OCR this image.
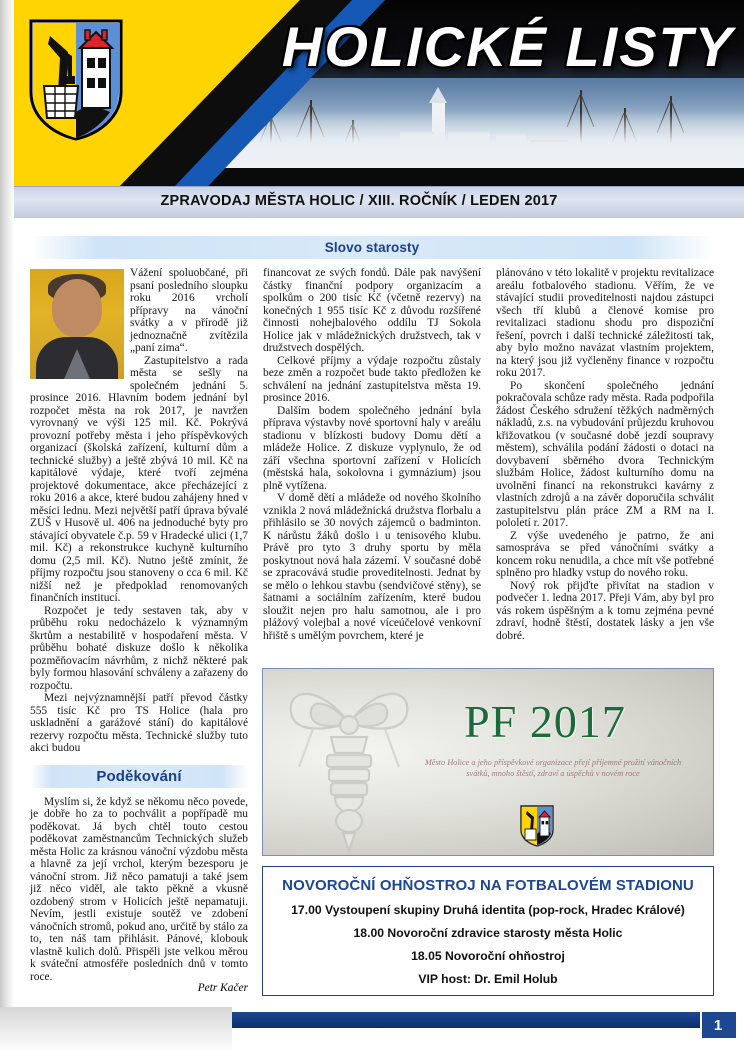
HOLICKÉ LISTY
ZPRAVODAJ MĚSTA HOLIC / XIII. ROČNÍK / LEDEN 2017
Slovo starosty

Vážení spoluobčané, při psaní posledního sloupku roku 2016 vrcholí přípravy na vánoční svátky a v přírodě již jednoznačně zvítězila „paní zima“.

Zastupitelstvo a rada města se sešly na společném jednání 5. prosince 2016. Hlavním bodem jednání byl rozpočet města na rok 2017, je navržen vyrovnaný ve výši 125 mil. Kč. Pokrývá provozní potřeby města i jeho příspěvkových organizací (školská zařízení, kulturní dům a technické služby) a ještě zbývá 10 mil. Kč na kapitálové výdaje, které tvoří zejména projektové dokumentace, akce přecházející z roku 2016 a akce, které budou zahájeny hned v měsíci lednu. Mezi největší patří úprava bývalé ZUŠ v Husově ul. 406 na jednoduché byty pro stávající obyvatele č.p. 59 v Hradecké ulici (1,7 mil. Kč) a rekonstrukce kuchyně kulturního domu (2,5 mil. Kč). Nutno ještě zmínit, že příjmy rozpočtu jsou stanoveny o cca 6 mil. Kč nižší než je předpoklad renomovaných finančních institucí.

Rozpočet je tedy sestaven tak, aby v průběhu roku nedocházelo k významným škrtům a nestabilitě v hospodaření města. V průběhu bohaté diskuze došlo k několika pozměňovacím návrhům, z nichž některé pak byly formou hlasování schváleny a zařazeny do rozpočtu.

Mezi nejvýznamnější patří převod částky 555 tisíc Kč pro TS Holice (hala pro uskladnění a garážové stání) do kapitálové rezervy rozpočtu města. Technické služby tuto akci budou

Poděkování

Myslím si, že když se někomu něco povede, je dobře ho za to pochválit a popřípadě mu poděkovat. Já bych chtěl touto cestou poděkovat zaměstnancům Technických služeb města Holic za krásnou vánoční výzdobu města a hlavně za její vrchol, kterým bezesporu je vánoční strom. Již něco pamatuji a také jsem již něco viděl, ale takto pěkně a vkusně ozdobený strom v Holicích ještě nepamatuji. Nevím, jestli existuje soutěž ve zdobení vánočních stromů, pokud ano, určitě by stálo za to, ten náš tam přihlásit. Pánové, klobouk vlastně kulich dolů. Přispěli jste velkou měrou k sváteční atmosféře posledních dnů v tomto roce.

Petr Kačer

financovat ze svých fondů. Dále pak navýšení částky finanční podpory organizacím a spolkům o 200 tisíc Kč (včetně rezervy) na konečných 1 955 tisíc Kč z důvodu rozšířené činnosti nohejbalového oddílu TJ Sokola Holice jak v mládežnických družstvech, tak v družstvech dospělých.

Celkové příjmy a výdaje rozpočtu zůstaly beze změn a rozpočet bude takto předložen ke schválení na jednání zastupitelstva města 19. prosince 2016.

Dalším bodem společného jednání byla příprava výstavby nové sportovní haly v areálu stadionu v blízkosti budovy Domu dětí a mládeže Holice. Z diskuze vyplynulo, že od září všechna sportovní zařízení v Holicích (městská hala, sokolovna i gymnázium) jsou plně vytížena.

V domě dětí a mládeže od nového školního vznikla 2 nová mládežnická družstva florbalu a přihlásilo se 30 nových zájemců o badminton. K nárůstu žáků došlo i u tenisového klubu. Právě pro tyto 3 druhy sportu by měla poskytnout nová hala zázemí. V současné době se zpracovává studie proveditelnosti. Jednat by se mělo o lehkou stavbu (sendvičové stěny), se šatnami a sociálním zařízením, které budou sloužit nejen pro halu samotnou, ale i pro plážový volejbal a nové víceúčelové venkovní hřiště s umělým povrchem, které je

plánováno v této lokalitě v projektu revitalizace areálu fotbalového stadionu. Věřím, že ve stávající studii proveditelnosti najdou zástupci všech tří klubů a členové komise pro revitalizaci stadionu shodu pro dispoziční řešení, povrch i další technické záležitosti tak, aby bylo možno navázat vlastním projektem, na který jsou již vyčleněny finance v rozpočtu roku 2017.

Po skončení společného jednání pokračovala schůze rady města. Rada podpořila žádost Českého sdružení těžkých nadměrných nákladů, z.s. na vybudování průjezdu kruhovou křižovatkou (v současné době jezdí soupravy městem), schválila podání žádosti o dotaci na dovybavení sběrného dvora Technickým službám Holice, žádost kulturního domu na uvolnění financí na rekonstrukci kavárny z vlastních zdrojů a na závěr doporučila schválit zastupitelstvu plán práce ZM a RM na I. pololetí r. 2017.

Z výše uvedeného je patrno, že ani samospráva se před vánočními svátky a koncem roku nenudila, a chce mít vše potřebné splněno pro hladky vstup do nového roku.

Nový rok přijďte přivítat na stadion v podvečer 1. ledna 2017. Přeji Vám, aby byl pro vás rokem úspěšným a k tomu zejména pevné zdraví, hodně štěstí, dostatek lásky a jen vše dobré.

PF 2017
Město Holice a jeho příspěvkové organizace přejí příjemné prožití vánočních svátků, mnoho štěstí, zdraví a úspěchů v novém roce
NOVOROČNÍ OHŇOSTROJ NA FOTBALOVÉM STADIONU
17.00 Vystoupení skupiny Druhá identita (pop-rock, Hradec Králové)
18.00 Novoroční zdravice starosty města Holic
18.05 Novoroční ohňostroj
VIP host: Dr. Emil Holub
1
